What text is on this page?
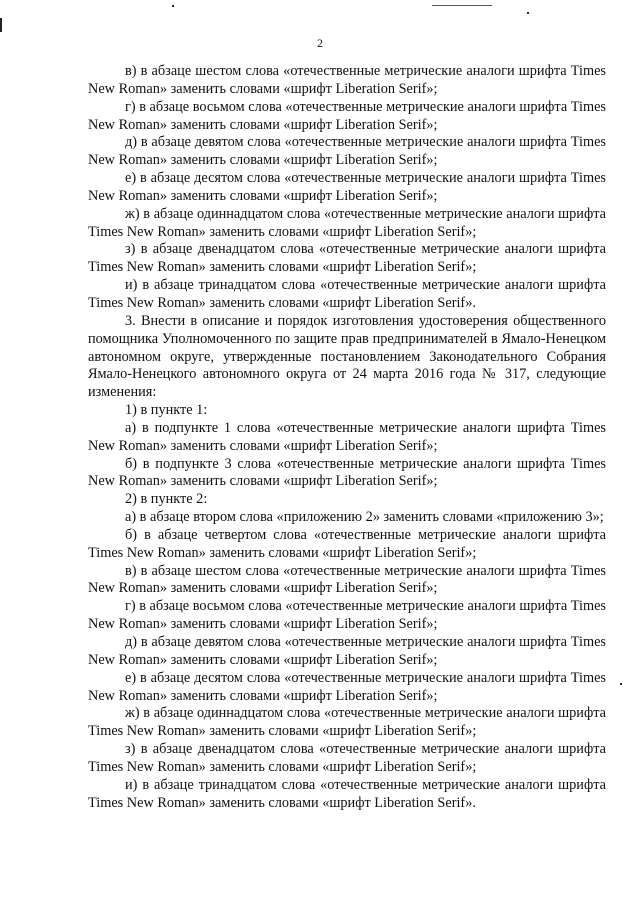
2

в) в абзаце шестом слова «отечественные метрические аналоги шрифта Times New Roman» заменить словами «шрифт Liberation Serif»;

г) в абзаце восьмом слова «отечественные метрические аналоги шрифта Times New Roman» заменить словами «шрифт Liberation Serif»;

д) в абзаце девятом слова «отечественные метрические аналоги шрифта Times New Roman» заменить словами «шрифт Liberation Serif»;

е) в абзаце десятом слова «отечественные метрические аналоги шрифта Times New Roman» заменить словами «шрифт Liberation Serif»;

ж) в абзаце одиннадцатом слова «отечественные метрические аналоги шрифта Times New Roman» заменить словами «шрифт Liberation Serif»;

з) в абзаце двенадцатом слова «отечественные метрические аналоги шрифта Times New Roman» заменить словами «шрифт Liberation Serif»;

и) в абзаце тринадцатом слова «отечественные метрические аналоги шрифта Times New Roman» заменить словами «шрифт Liberation Serif».

3. Внести в описание и порядок изготовления удостоверения общественного помощника Уполномоченного по защите прав предпринимателей в Ямало-Ненецком автономном округе, утвержденные постановлением Законодательного Собрания Ямало-Ненецкого автономного округа от 24 марта 2016 года № 317, следующие изменения:

1) в пункте 1:

а) в подпункте 1 слова «отечественные метрические аналоги шрифта Times New Roman» заменить словами «шрифт Liberation Serif»;

б) в подпункте 3 слова «отечественные метрические аналоги шрифта Times New Roman» заменить словами «шрифт Liberation Serif»;

2) в пункте 2:

а) в абзаце втором слова «приложению 2» заменить словами «приложению 3»;

б) в абзаце четвертом слова «отечественные метрические аналоги шрифта Times New Roman» заменить словами «шрифт Liberation Serif»;

в) в абзаце шестом слова «отечественные метрические аналоги шрифта Times New Roman» заменить словами «шрифт Liberation Serif»;

г) в абзаце восьмом слова «отечественные метрические аналоги шрифта Times New Roman» заменить словами «шрифт Liberation Serif»;

д) в абзаце девятом слова «отечественные метрические аналоги шрифта Times New Roman» заменить словами «шрифт Liberation Serif»;

е) в абзаце десятом слова «отечественные метрические аналоги шрифта Times New Roman» заменить словами «шрифт Liberation Serif»;

ж) в абзаце одиннадцатом слова «отечественные метрические аналоги шрифта Times New Roman» заменить словами «шрифт Liberation Serif»;

з) в абзаце двенадцатом слова «отечественные метрические аналоги шрифта Times New Roman» заменить словами «шрифт Liberation Serif»;

и) в абзаце тринадцатом слова «отечественные метрические аналоги шрифта Times New Roman» заменить словами «шрифт Liberation Serif».
